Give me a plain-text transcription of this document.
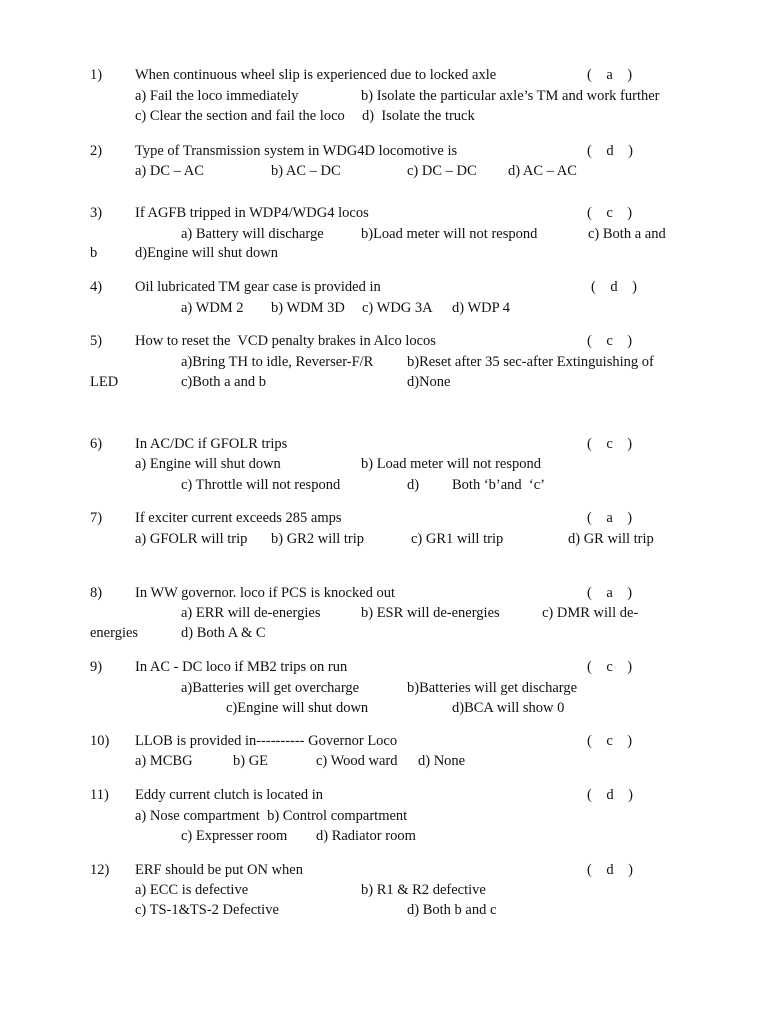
1) When continuous wheel slip is experienced due to locked axle	(    a    )
a) Fail the loco immediately	b) Isolate the particular axle’s TM and work further
c) Clear the section and fail the loco d)  Isolate the truck
2) Type of Transmission system in WDG4D locomotive is	(    d    )
a) DC – AC	b) AC – DC	c) DC – DC d) AC – AC
3) If AGFB tripped in WDP4/WDG4 locos	(    c    )
a) Battery will discharge	b)Load meter will not respond	c) Both a and
b	d)Engine will shut down
4) Oil lubricated TM gear case is provided in	(    d    )
a) WDM 2 b) WDM 3D c) WDG 3A d) WDP 4
5) How to reset the  VCD penalty brakes in Alco locos	(    c    )
a)Bring TH to idle, Reverser-F/R b)Reset after 35 sec-after Extinguishing of
LED	c)Both a and b	d)None
6) In AC/DC if GFOLR trips	(    c    )
a) Engine will shut down	b) Load meter will not respond
c) Throttle will not respond	d) Both ‘b’and  ‘c’
7) If exciter current exceeds 285 amps	(    a    )
a) GFOLR will trip b) GR2 will trip	c) GR1 will trip	d) GR will trip
8) In WW governor. loco if PCS is knocked out	(    a    )
a) ERR will de-energies	b) ESR will de-energies	c) DMR will de-
energies	d) Both A & C
9) In AC - DC loco if MB2 trips on run	(    c    )
a)Batteries will get overcharge	b)Batteries will get discharge
c)Engine will shut down	d)BCA will show 0
10) LLOB is provided in---------- Governor Loco	(    c    )
a) MCBG	b) GE	c) Wood ward d) None
11) Eddy current clutch is located in	(    d    )
a) Nose compartment  b) Control compartment
c) Expresser room d) Radiator room
12) ERF should be put ON when	(    d    )
a) ECC is defective	b) R1 & R2 defective
c) TS-1&TS-2 Defective	d) Both b and c
